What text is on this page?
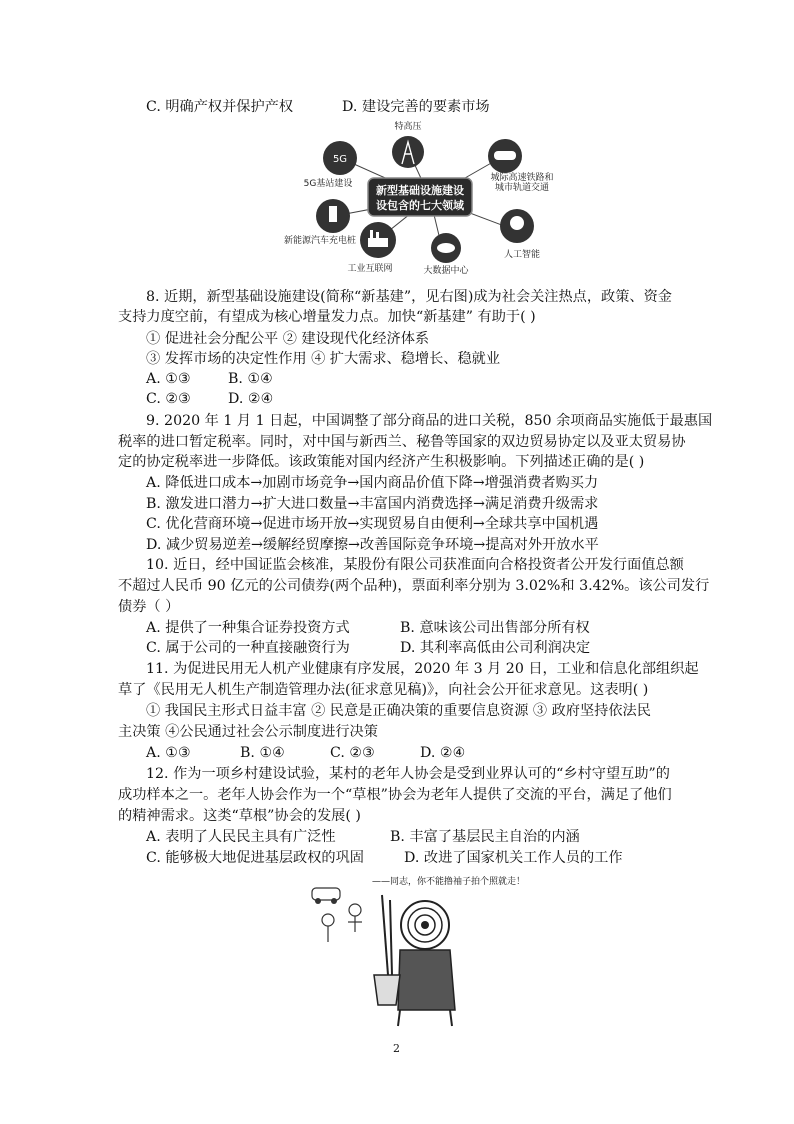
C. 明确产权并保护产权	D. 建设完善的要素市场
5G
新型基础设施建设
设包含的七大领域
特高压
5G基站建设
城际高速铁路和
城市轨道交通
新能源汽车充电桩
人工智能
工业互联网	大数据中心
8. 近期，新型基础设施建设(简称“新基建”，见右图)成为社会关注热点，政策、资金
支持力度空前，有望成为核心增量发力点。加快“新基建” 有助于( )
① 促进社会分配公平 ② 建设现代化经济体系
③ 发挥市场的决定性作用 ④ 扩大需求、稳增长、稳就业
A. ①③	B. ①④
C. ②③	D. ②④
9. 2020 年 1 月 1 日起，中国调整了部分商品的进口关税，850 余项商品实施低于最惠国
税率的进口暂定税率。同时，对中国与新西兰、秘鲁等国家的双边贸易协定以及亚太贸易协
定的协定税率进一步降低。该政策能对国内经济产生积极影响。下列描述正确的是( )
A. 降低进口成本→加剧市场竞争→国内商品价值下降→增强消费者购买力
B. 激发进口潜力→扩大进口数量→丰富国内消费选择→满足消费升级需求
C. 优化营商环境→促进市场开放→实现贸易自由便利→全球共享中国机遇
D. 减少贸易逆差→缓解经贸摩擦→改善国际竞争环境→提高对外开放水平
10. 近日，经中国证监会核准，某股份有限公司获准面向合格投资者公开发行面值总额
不超过人民币 90 亿元的公司债券(两个品种)，票面利率分别为 3.02%和 3.42%。该公司发行
债券（ ）
A. 提供了一种集合证券投资方式	B. 意味该公司出售部分所有权
C. 属于公司的一种直接融资行为	D. 其利率高低由公司利润决定
11. 为促进民用无人机产业健康有序发展，2020 年 3 月 20 日，工业和信息化部组织起
草了《民用无人机生产制造管理办法(征求意见稿)》，向社会公开征求意见。这表明( )
① 我国民主形式日益丰富 ② 民意是正确决策的重要信息资源 ③ 政府坚持依法民
主决策 ④公民通过社会公示制度进行决策
A. ①③	B. ①④	C. ②③	D. ②④
12. 作为一项乡村建设试验，某村的老年人协会是受到业界认可的“乡村守望互助”的
成功样本之一。老年人协会作为一个“草根”协会为老年人提供了交流的平台，满足了他们
的精神需求。这类“草根”协会的发展( )
A. 表明了人民民主具有广泛性	B. 丰富了基层民主自治的内涵
C. 能够极大地促进基层政权的巩固	D. 改进了国家机关工作人员的工作
——同志，你不能撸袖子拍个照就走！
2
